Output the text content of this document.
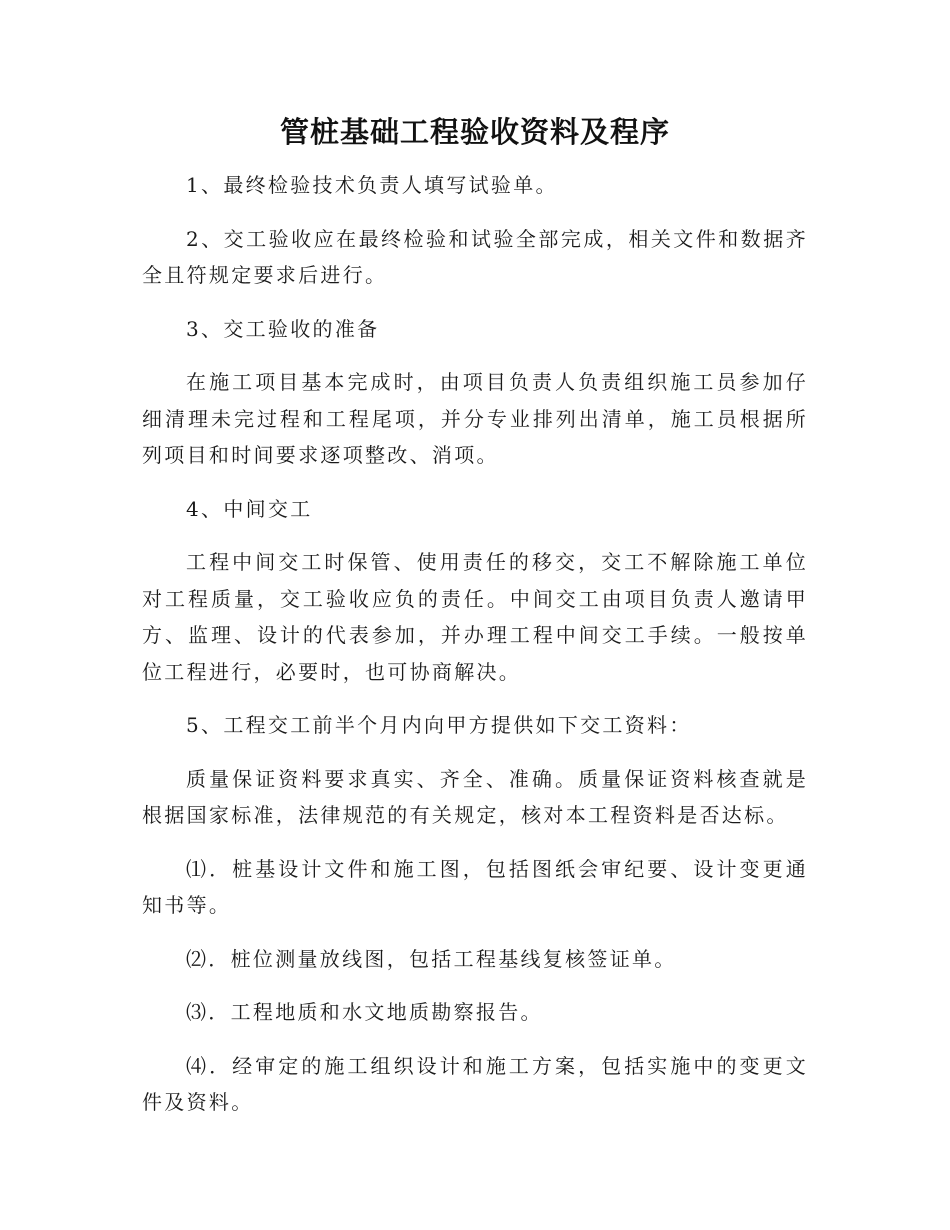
管桩基础工程验收资料及程序

1、最终检验技术负责人填写试验单。

2、交工验收应在最终检验和试验全部完成，相关文件和数据齐全且符规定要求后进行。

3、交工验收的准备

在施工项目基本完成时，由项目负责人负责组织施工员参加仔细清理未完过程和工程尾项，并分专业排列出清单，施工员根据所列项目和时间要求逐项整改、消项。

4、中间交工

工程中间交工时保管、使用责任的移交，交工不解除施工单位对工程质量，交工验收应负的责任。中间交工由项目负责人邀请甲方、监理、设计的代表参加，并办理工程中间交工手续。一般按单位工程进行，必要时，也可协商解决。

5、工程交工前半个月内向甲方提供如下交工资料：

质量保证资料要求真实、齐全、准确。质量保证资料核查就是根据国家标准，法律规范的有关规定，核对本工程资料是否达标。

⑴．桩基设计文件和施工图，包括图纸会审纪要、设计变更通知书等。

⑵．桩位测量放线图，包括工程基线复核签证单。

⑶．工程地质和水文地质勘察报告。

⑷．经审定的施工组织设计和施工方案，包括实施中的变更文件及资料。
